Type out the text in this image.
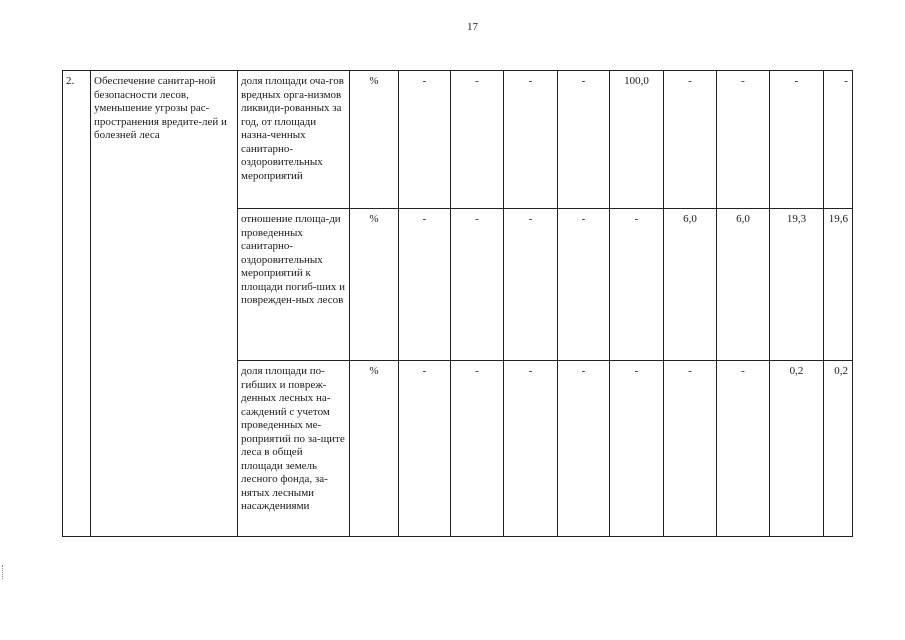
17
2.	Обеспечение санитар-ной безопасности лесов, уменьшение угрозы рас-пространения вредите-лей и болезней леса	доля площади оча-гов вредных орга-низмов ликвиди-рованных за год, от площади назна-ченных санитарно-оздоровительных мероприятий	%	-	-	-	-	100,0	-	-	-	-
		отношение площа-ди проведенных санитарно-оздоровительных мероприятий к площади погиб-ших и поврежден-ных лесов	%	-	-	-	-	-	6,0	6,0	19,3	19,6
		доля площади по-гибших и повреж-денных лесных на-саждений с учетом проведенных ме-роприятий по за-щите леса в общей площади земель лесного фонда, за-нятых лесными насаждениями	%	-	-	-	-	-	-	-	0,2	0,2
